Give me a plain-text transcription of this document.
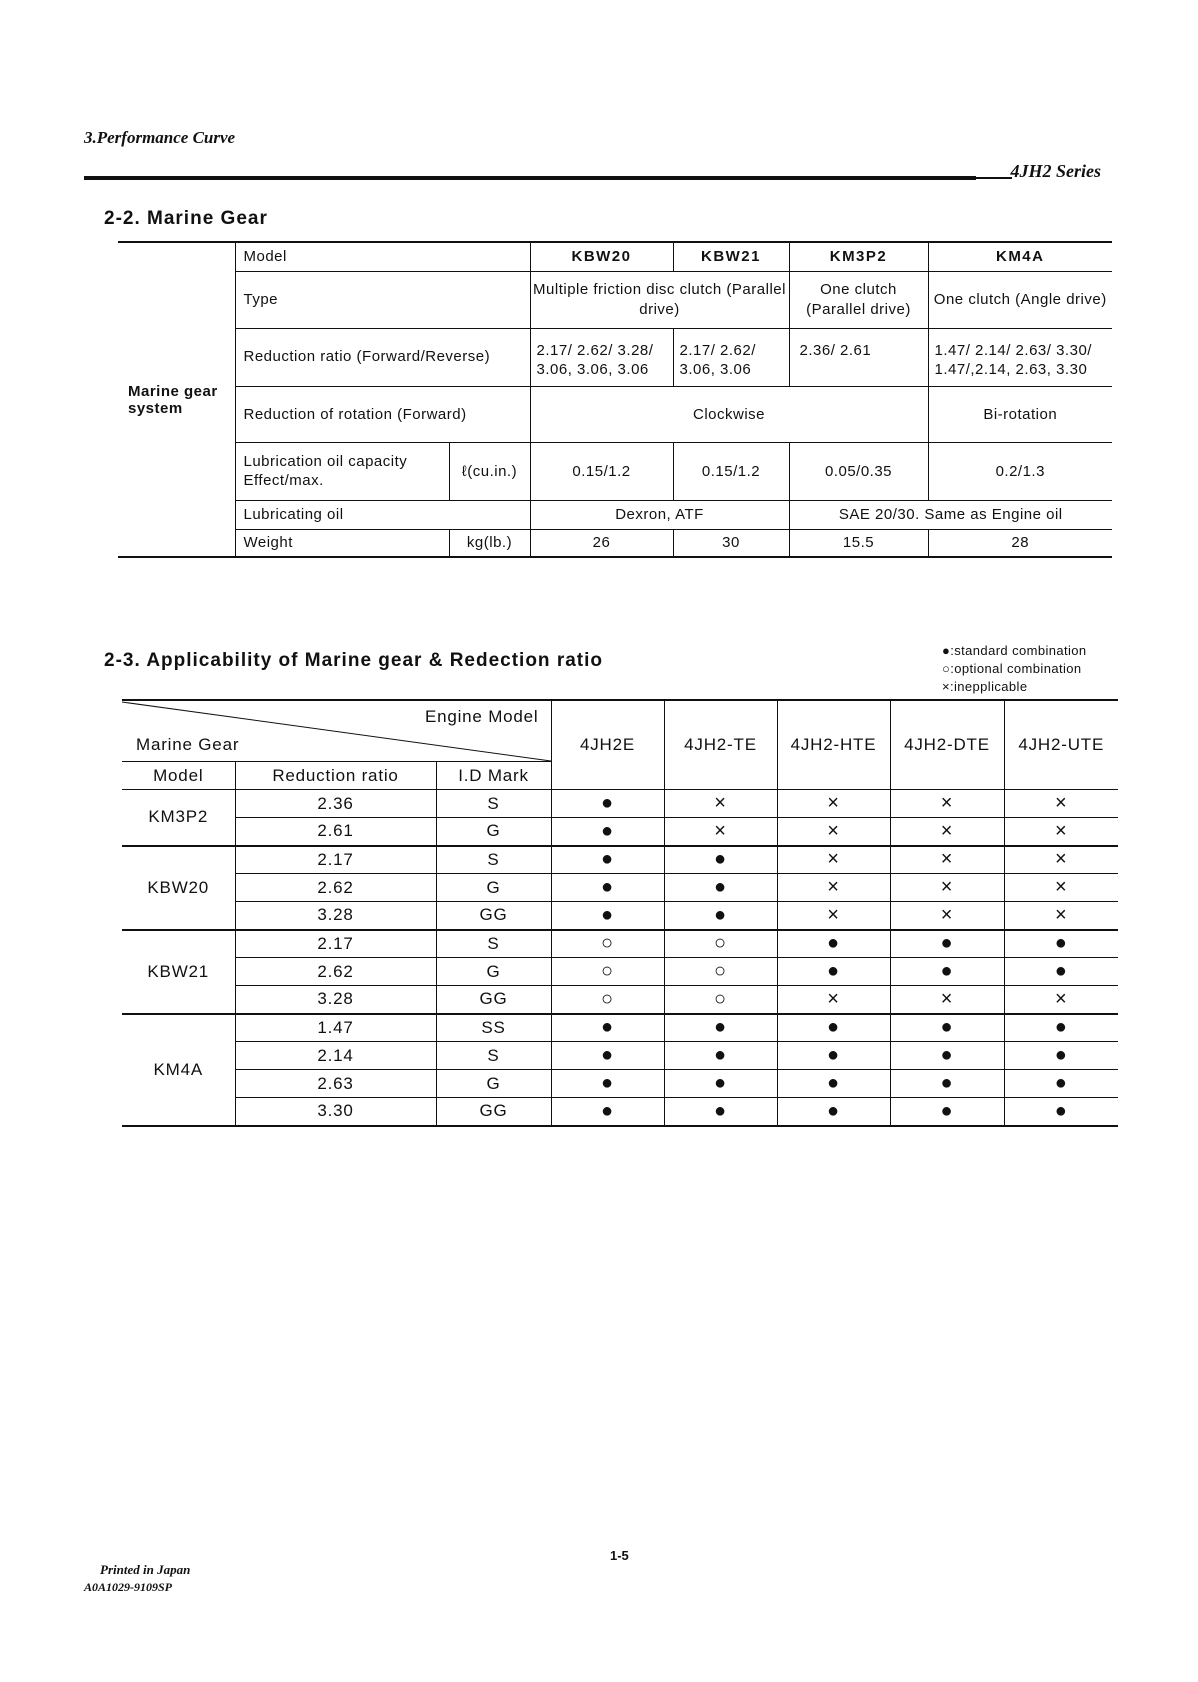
3.Performance Curve
4JH2 Series
2-2. Marine Gear
Marine gear system	Model		KBW20	KBW21	KM3P2	KM4A
	Type		Multiple friction disc clutch (Parallel drive)		One clutch (Parallel drive)	One clutch (Angle drive)
	Reduction ratio (Forward/Reverse)		2.17/ 2.62/ 3.28/ 3.06, 3.06, 3.06	2.17/ 2.62/ 3.06, 3.06	2.36/ 2.61	1.47/ 2.14/ 2.63/ 3.30/ 1.47/,2.14, 2.63, 3.30
	Reduction of rotation (Forward)		Clockwise			Bi-rotation
	Lubrication oil capacity Effect/max.	ℓ(cu.in.)	0.15/1.2	0.15/1.2	0.05/0.35	0.2/1.3
	Lubricating oil		Dexron, ATF		SAE 20/30. Same as Engine oil	
	Weight	kg(lb.)	26	30	15.5	28
2-3. Applicability of Marine gear & Redection ratio	●:standard combination
○:optional combination
×:inepplicable
Engine Model
Marine Gear			4JH2E	4JH2-TE	4JH2-HTE	4JH2-DTE	4JH2-UTE
Model	Reduction ratio	I.D Mark					
KM3P2	2.36	S	●	×	×	×	×
	2.61	G	●	×	×	×	×
KBW20	2.17	S	●	●	×	×	×
	2.62	G	●	●	×	×	×
	3.28	GG	●	●	×	×	×
KBW21	2.17	S	○	○	●	●	●
	2.62	G	○	○	●	●	●
	3.28	GG	○	○	×	×	×
KM4A	1.47	SS	●	●	●	●	●
	2.14	S	●	●	●	●	●
	2.63	G	●	●	●	●	●
	3.30	GG	●	●	●	●	●
1-5
Printed in Japan
A0A1029-9109SP
